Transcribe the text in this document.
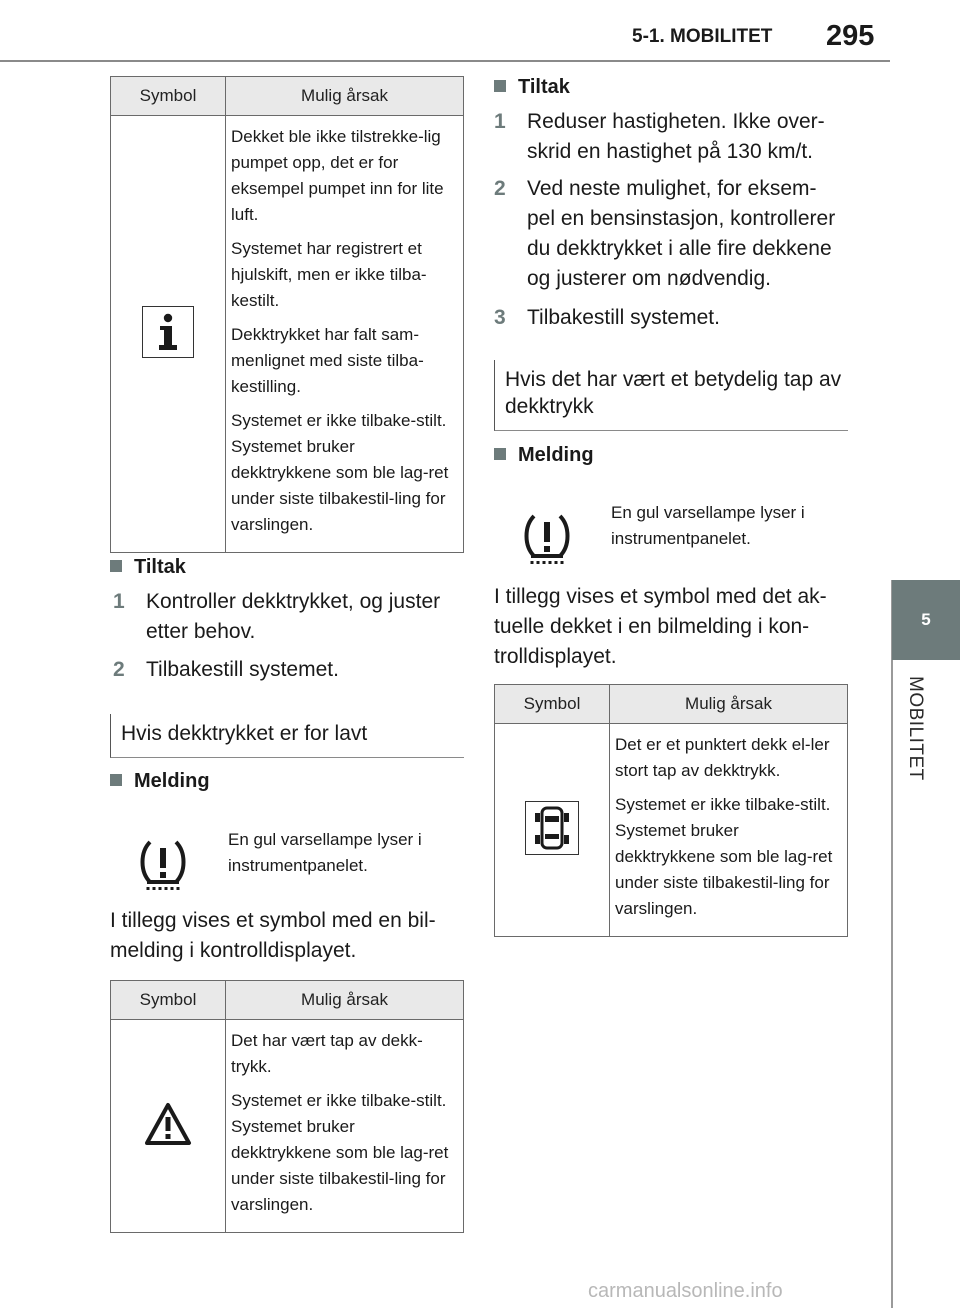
5-1. MOBILITET 295
5
MOBILITET
Symbol	Mulig årsak

Dekket ble ikke tilstrekke-lig pumpet opp, det er for eksempel pumpet inn for lite luft.

Systemet har registrert et hjulskift, men er ikke tilba-kestilt.

Dekktrykket har falt sam-menlignet med siste tilba-kestilling.

Systemet er ikke tilbake-stilt. Systemet bruker dekktrykkene som ble lag-ret under siste tilbakestil-ling for varslingen.

Tiltak
1 Kontroller dekktrykket, og juster etter behov.
2 Tilbakestill systemet.
Hvis dekktrykket er for lavt
Melding
En gul varsellampe lyser i instrumentpanelet.
I tillegg vises et symbol med en bil-melding i kontrolldisplayet.
Symbol	Mulig årsak

Det har vært tap av dekk-trykk.

Systemet er ikke tilbake-stilt. Systemet bruker dekktrykkene som ble lag-ret under siste tilbakestil-ling for varslingen.

Tiltak
1 Reduser hastigheten. Ikke over-skrid en hastighet på 130 km/t.
2 Ved neste mulighet, for eksem-pel en bensinstasjon, kontrollerer du dekktrykket i alle fire dekkene og justerer om nødvendig.
3 Tilbakestill systemet.
Hvis det har vært et betydelig tap av dekktrykk
Melding
En gul varsellampe lyser i instrumentpanelet.
I tillegg vises et symbol med det ak-tuelle dekket i en bilmelding i kon-trolldisplayet.
Symbol	Mulig årsak

Det er et punktert dekk el-ler stort tap av dekktrykk.

Systemet er ikke tilbake-stilt. Systemet bruker dekktrykkene som ble lag-ret under siste tilbakestil-ling for varslingen.

carmanualsonline.info
